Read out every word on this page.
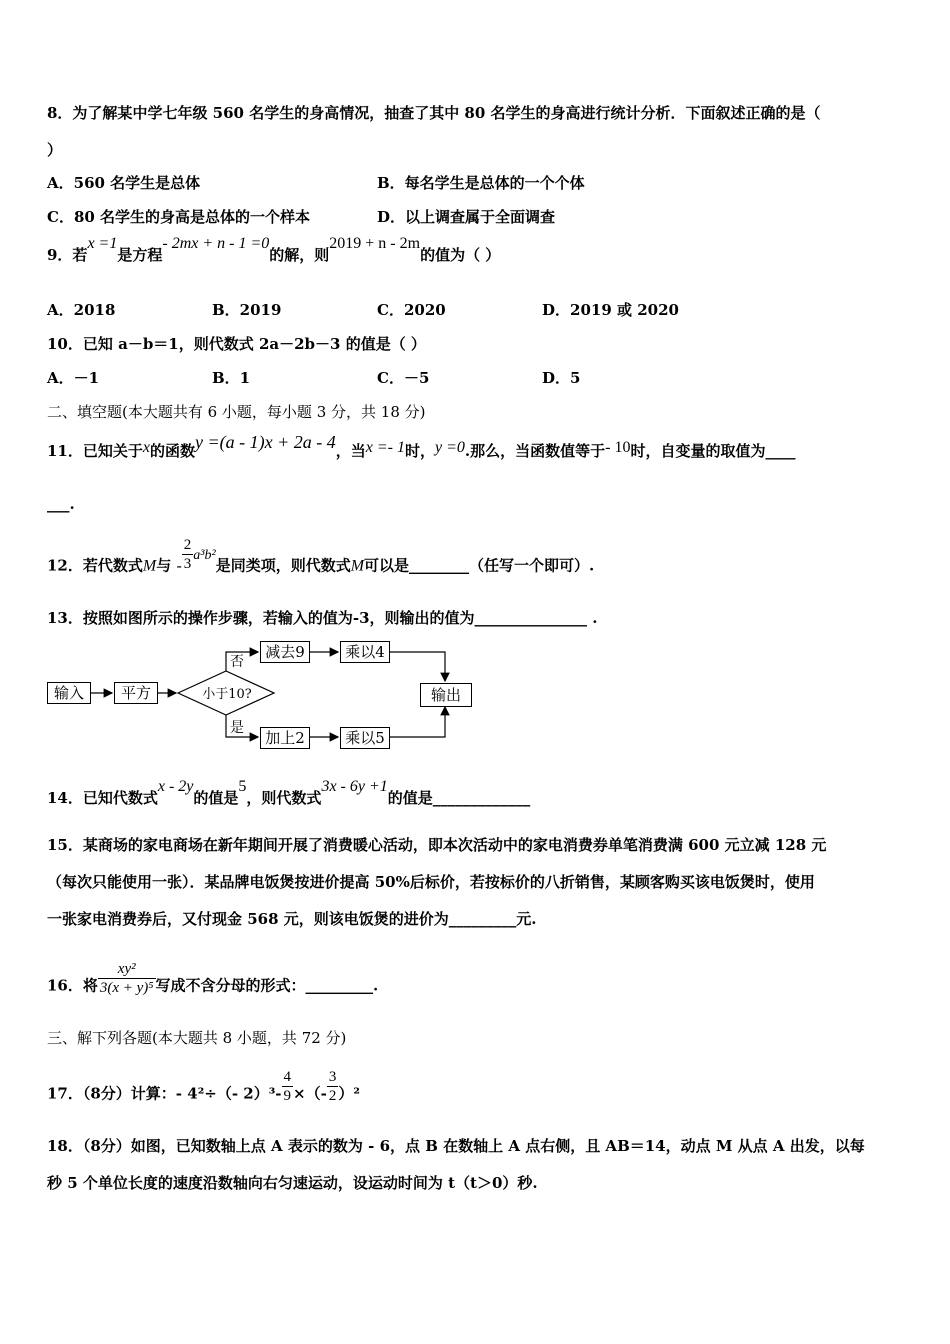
8．为了解某中学七年级 560 名学生的身高情况，抽查了其中 80 名学生的身高进行统计分析．下面叙述正确的是（
）
A．560 名学生是总体	B．每名学生是总体的一个个体
C．80 名学生的身高是总体的一个样本	D．以上调查属于全面调查
9．若x =1是方程- 2mx + n - 1 =0的解，则2019 + n - 2m的值为（ ）
A．2018	B．2019	C．2020	D．2019 或 2020
10．已知 a－b＝1，则代数式 2a－2b－3 的值是（ ）
A．－1	B．1	C．－5	D．5
二、填空题(本大题共有 6 小题，每小题 3 分，共 18 分)
11．已知关于x的函数y =(a - 1)x + 2a - 4，当x =- 1时，y =0.那么，当函数值等于- 10时，自变量的取值为____
___.
12．若代数式M与 - $\frac{2}{3} a^3b^2$是同类项，则代数式M可以是________（任写一个即可）.
13．按照如图所示的操作步骤，若输入的值为-3，则输出的值为_______________ .
输入	平方	小于10?
否
是
减去9	乘以4
加上2	乘以5
输出
14．已知代数式x - 2y的值是5，则代数式3x - 6y +1的值是_____________
15．某商场的家电商场在新年期间开展了消费暖心活动，即本次活动中的家电消费券单笔消费满 600 元立减 128 元
（每次只能使用一张）．某品牌电饭煲按进价提高 50%后标价，若按标价的八折销售，某顾客购买该电饭煲时，使用
一张家电消费券后，又付现金 568 元，则该电饭煲的进价为_________元.
16．将 $\frac{\text{xy²}}{\text{3(x + y)⁵}}$ 写成不含分母的形式：_________.
三、解下列各题(本大题共 8 小题，共 72 分)
17．（8分）计算：- 4²÷（- $2)^3- \frac{4}{9}$ ×（- $\frac{3}{2} )^2$
18．（8分）如图，已知数轴上点 A 表示的数为 - 6，点 B 在数轴上 A 点右侧，且 AB＝14，动点 M 从点 A 出发，以每
秒 5 个单位长度的速度沿数轴向右匀速运动，设运动时间为 t（t＞0）秒.
